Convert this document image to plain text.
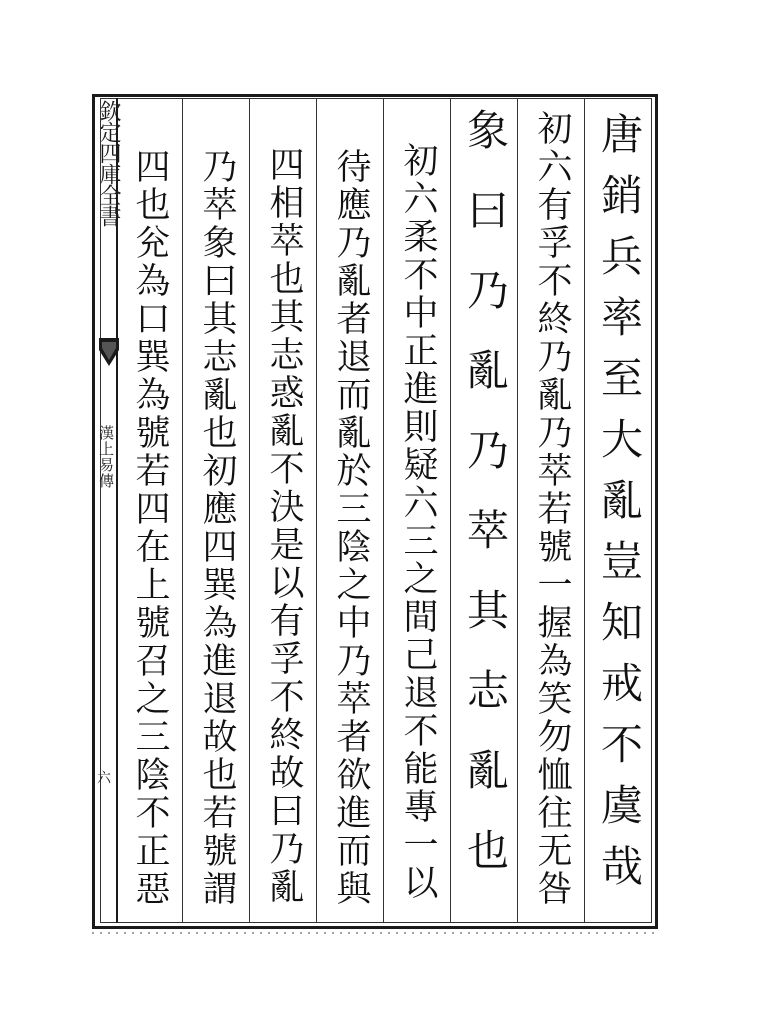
欽定四庫全書
漢上易傳
六	唐銷兵率至大亂豈知戒不虞哉
初六有孚不終乃亂乃萃若號一握為笑勿恤往无咎
象曰乃亂乃萃其志亂也
初六柔不中正進則疑六三之間己退不能專一以
待應乃亂者退而亂於三陰之中乃萃者欲進而與
四相萃也其志惑亂不決是以有孚不終故曰乃亂
乃萃象曰其志亂也初應四巽為進退故也若號謂
四也兊為口巽為號若四在上號召之三陰不正惡
